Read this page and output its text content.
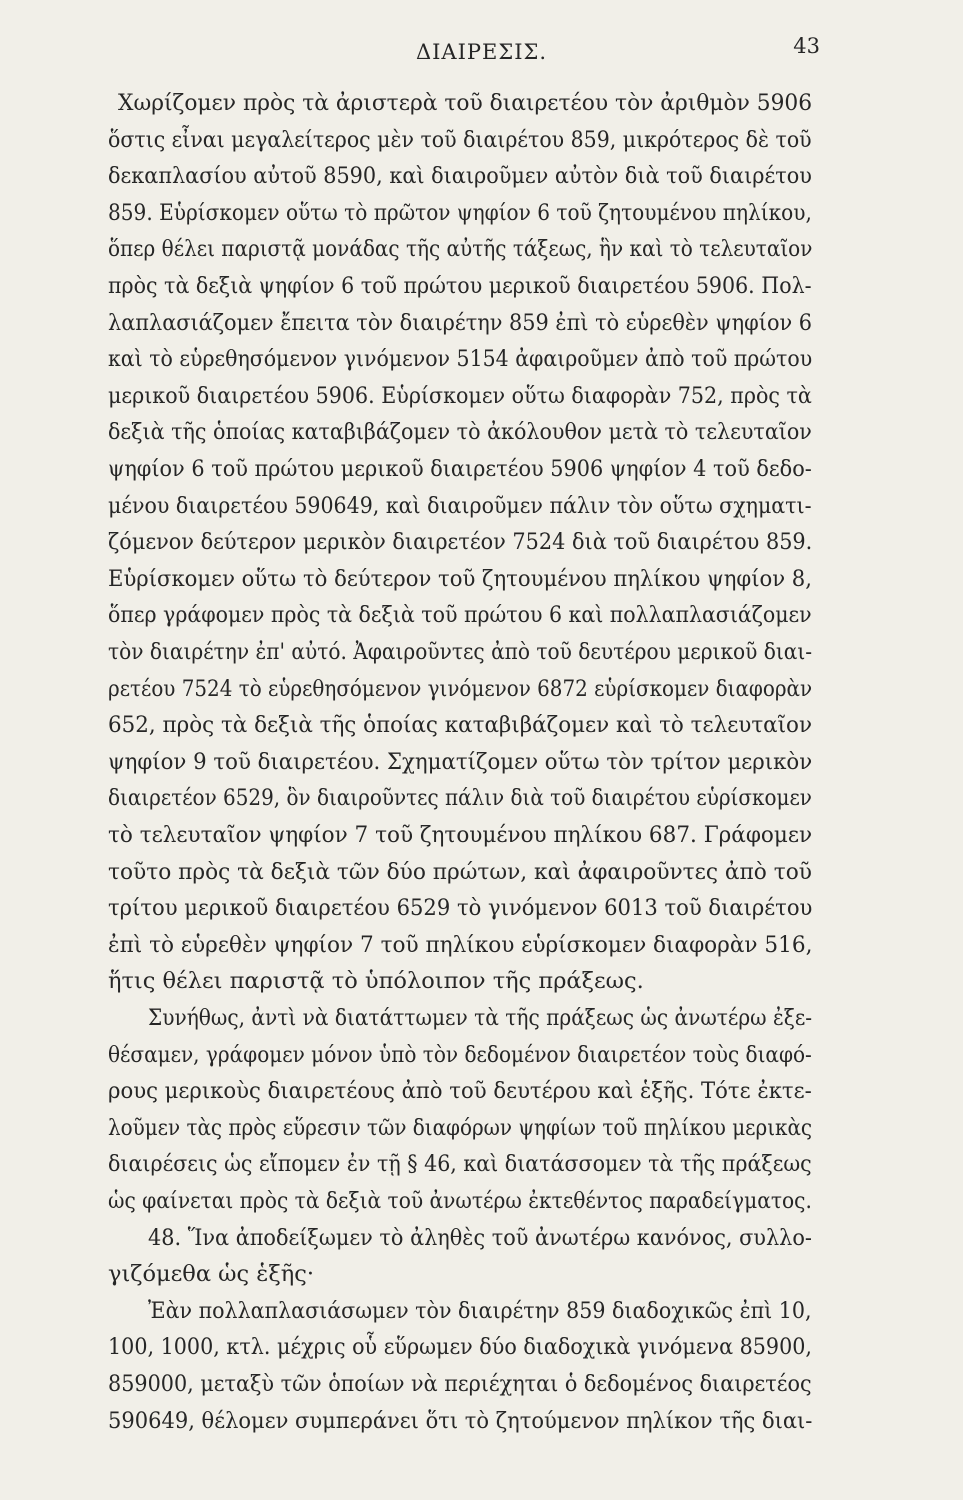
ΔΙΑΙΡΕΣΙΣ.	43
Χωρίζομεν πρὸς τὰ ἀριστερὰ τοῦ διαιρετέου τὸν ἀριθμὸν 5906
ὅστις εἶναι μεγαλείτερος μὲν τοῦ διαιρέτου 859, μικρότερος δὲ τοῦ
δεκαπλασίου αὐτοῦ 8590, καὶ διαιροῦμεν αὐτὸν διὰ τοῦ διαιρέτου
859. Εὑρίσκομεν οὕτω τὸ πρῶτον ψηφίον 6 τοῦ ζητουμένου πηλίκου,
ὅπερ θέλει παριστᾷ μονάδας τῆς αὐτῆς τάξεως, ἣν καὶ τὸ τελευταῖον
πρὸς τὰ δεξιὰ ψηφίον 6 τοῦ πρώτου μερικοῦ διαιρετέου 5906. Πολ-
λαπλασιάζομεν ἔπειτα τὸν διαιρέτην 859 ἐπὶ τὸ εὑρεθὲν ψηφίον 6
καὶ τὸ εὑρεθησόμενον γινόμενον 5154 ἀφαιροῦμεν ἀπὸ τοῦ πρώτου
μερικοῦ διαιρετέου 5906. Εὑρίσκομεν οὕτω διαφορὰν 752, πρὸς τὰ
δεξιὰ τῆς ὁποίας καταβιβάζομεν τὸ ἀκόλουθον μετὰ τὸ τελευταῖον
ψηφίον 6 τοῦ πρώτου μερικοῦ διαιρετέου 5906 ψηφίον 4 τοῦ δεδο-
μένου διαιρετέου 590649, καὶ διαιροῦμεν πάλιν τὸν οὕτω σχηματι-
ζόμενον δεύτερον μερικὸν διαιρετέον 7524 διὰ τοῦ διαιρέτου 859.
Εὑρίσκομεν οὕτω τὸ δεύτερον τοῦ ζητουμένου πηλίκου ψηφίον 8,
ὅπερ γράφομεν πρὸς τὰ δεξιὰ τοῦ πρώτου 6 καὶ πολλαπλασιάζομεν
τὸν διαιρέτην ἐπ' αὐτό. Ἀφαιροῦντες ἀπὸ τοῦ δευτέρου μερικοῦ διαι-
ρετέου 7524 τὸ εὑρεθησόμενον γινόμενον 6872 εὑρίσκομεν διαφορὰν
652, πρὸς τὰ δεξιὰ τῆς ὁποίας καταβιβάζομεν καὶ τὸ τελευταῖον
ψηφίον 9 τοῦ διαιρετέου. Σχηματίζομεν οὕτω τὸν τρίτον μερικὸν
διαιρετέον 6529, ὃν διαιροῦντες πάλιν διὰ τοῦ διαιρέτου εὑρίσκομεν
τὸ τελευταῖον ψηφίον 7 τοῦ ζητουμένου πηλίκου 687. Γράφομεν
τοῦτο πρὸς τὰ δεξιὰ τῶν δύο πρώτων, καὶ ἀφαιροῦντες ἀπὸ τοῦ
τρίτου μερικοῦ διαιρετέου 6529 τὸ γινόμενον 6013 τοῦ διαιρέτου
ἐπὶ τὸ εὑρεθὲν ψηφίον 7 τοῦ πηλίκου εὑρίσκομεν διαφορὰν 516,
ἥτις θέλει παριστᾷ τὸ ὑπόλοιπον τῆς πράξεως.
Συνήθως, ἀντὶ νὰ διατάττωμεν τὰ τῆς πράξεως ὡς ἀνωτέρω ἐξε-
θέσαμεν, γράφομεν μόνον ὑπὸ τὸν δεδομένον διαιρετέον τοὺς διαφό-
ρους μερικοὺς διαιρετέους ἀπὸ τοῦ δευτέρου καὶ ἑξῆς. Τότε ἐκτε-
λοῦμεν τὰς πρὸς εὕρεσιν τῶν διαφόρων ψηφίων τοῦ πηλίκου μερικὰς
διαιρέσεις ὡς εἴπομεν ἐν τῇ § 46, καὶ διατάσσομεν τὰ τῆς πράξεως
ὡς φαίνεται πρὸς τὰ δεξιὰ τοῦ ἀνωτέρω ἐκτεθέντος παραδείγματος.
48. Ἵνα ἀποδείξωμεν τὸ ἀληθὲς τοῦ ἀνωτέρω κανόνος, συλλο-
γιζόμεθα ὡς ἑξῆς·
Ἐὰν πολλαπλασιάσωμεν τὸν διαιρέτην 859 διαδοχικῶς ἐπὶ 10,
100, 1000, κτλ. μέχρις οὗ εὕρωμεν δύο διαδοχικὰ γινόμενα 85900,
859000, μεταξὺ τῶν ὁποίων νὰ περιέχηται ὁ δεδομένος διαιρετέος
590649, θέλομεν συμπεράνει ὅτι τὸ ζητούμενον πηλίκον τῆς διαι-
